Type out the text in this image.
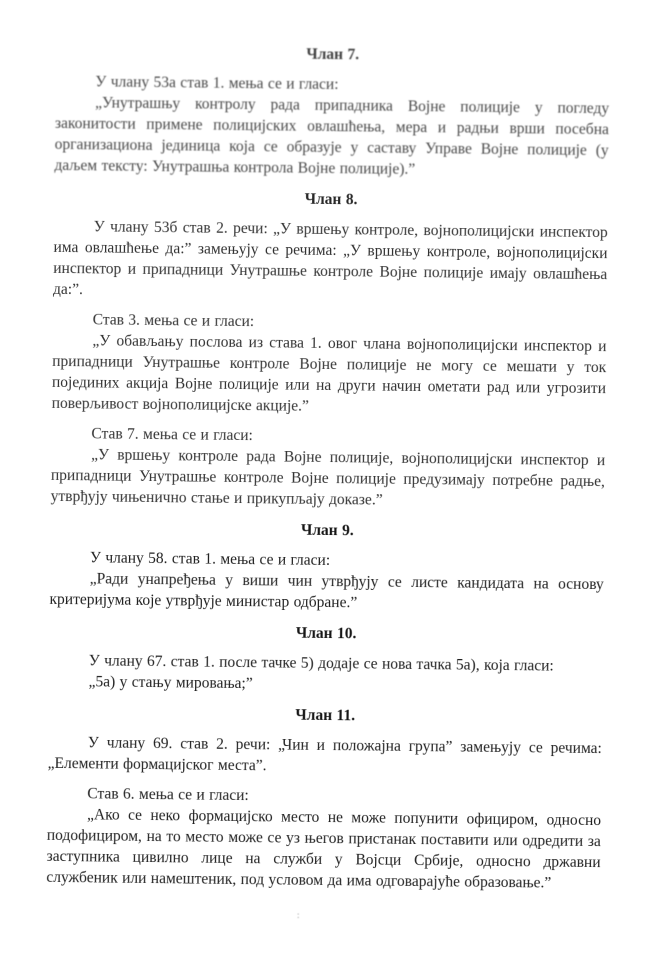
Члан 7.

У члану 53а став 1. мења се и гласи:

„Унутрашњу контролу рада припадника Војне полиције у погледу законитости примене полицијских овлашћења, мера и радњи врши посебна организациона јединица која се образује у саставу Управе Војне полиције (у даљем тексту: Унутрашња контрола Војне полиције).”

Члан 8.

У члану 53б став 2. речи: „У вршењу контроле, војнополицијски инспектор има овлашћење да:” замењују се речима: „У вршењу контроле, војнополицијски инспектор и припадници Унутрашње контроле Војне полиције имају овлашћења да:”.

Став 3. мења се и гласи:

„У обављању послова из става 1. овог члана војнополицијски инспектор и припадници Унутрашње контроле Војне полиције не могу се мешати у ток појединих акција Војне полиције или на други начин ометати рад или угрозити поверљивост војнополицијске акције.”

Став 7. мења се и гласи:

„У вршењу контроле рада Војне полиције, војнополицијски инспектор и припадници Унутрашње контроле Војне полиције предузимају потребне радње, утврђују чињенично стање и прикупљају доказе.”

Члан 9.

У члану 58. став 1. мења се и гласи:

„Ради унапређења у виши чин утврђују се листе кандидата на основу критеријума које утврђује министар одбране.”

Члан 10.

У члану 67. став 1. после тачке 5) додаје се нова тачка 5а), која гласи:

„5а) у стању мировања;”

Члан 11.

У члану 69. став 2. речи: „Чин и положајна група” замењују се речима: „Елементи формацијског места”.

Став 6. мења се и гласи:

„Ако се неко формацијско место не може попунити официром, односно подофициром, на то место може се уз његов пристанак поставити или одредити за заступника цивилно лице на служби у Војсци Србије, односно државни службеник или намештеник, под условом да има одговарајуће образовање.”

:
